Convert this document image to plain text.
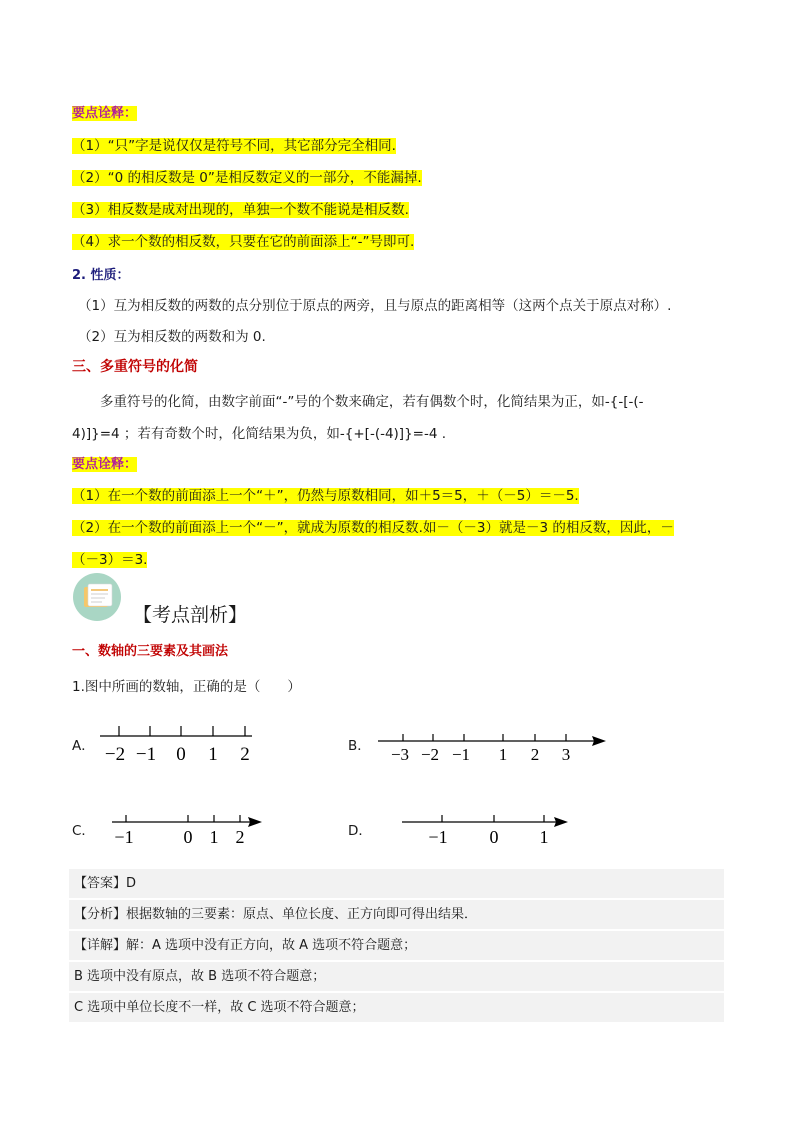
要点诠释：
（1）“只”字是说仅仅是符号不同，其它部分完全相同.
（2）“0 的相反数是 0”是相反数定义的一部分，不能漏掉.
（3）相反数是成对出现的，单独一个数不能说是相反数.
（4）求一个数的相反数，只要在它的前面添上“-”号即可.
2. 性质：
（1）互为相反数的两数的点分别位于原点的两旁，且与原点的距离相等（这两个点关于原点对称）.
（2）互为相反数的两数和为 0.
三、多重符号的化简
多重符号的化简，由数字前面“-”号的个数来确定，若有偶数个时，化简结果为正，如-{-[-(-
4)]}=4 ；若有奇数个时，化简结果为负，如-{+[-(-4)]}=-4 .
要点诠释：
（1）在一个数的前面添上一个“＋”，仍然与原数相同，如＋5＝5，＋（－5）＝－5.
（2）在一个数的前面添上一个“－”，就成为原数的相反数.如－（－3）就是－3 的相反数，因此，－
（－3）＝3.
【考点剖析】
一、数轴的三要素及其画法
1.图中所画的数轴，正确的是（　　）
A． −2 −1 0 1 2	B． −3 −2 −1 1 2 3
C． −1	0 1 2	D．	−1 0 1
【答案】D
【分析】根据数轴的三要素：原点、单位长度、正方向即可得出结果．
【详解】解：A 选项中没有正方向，故 A 选项不符合题意；
B 选项中没有原点，故 B 选项不符合题意；
C 选项中单位长度不一样，故 C 选项不符合题意；
